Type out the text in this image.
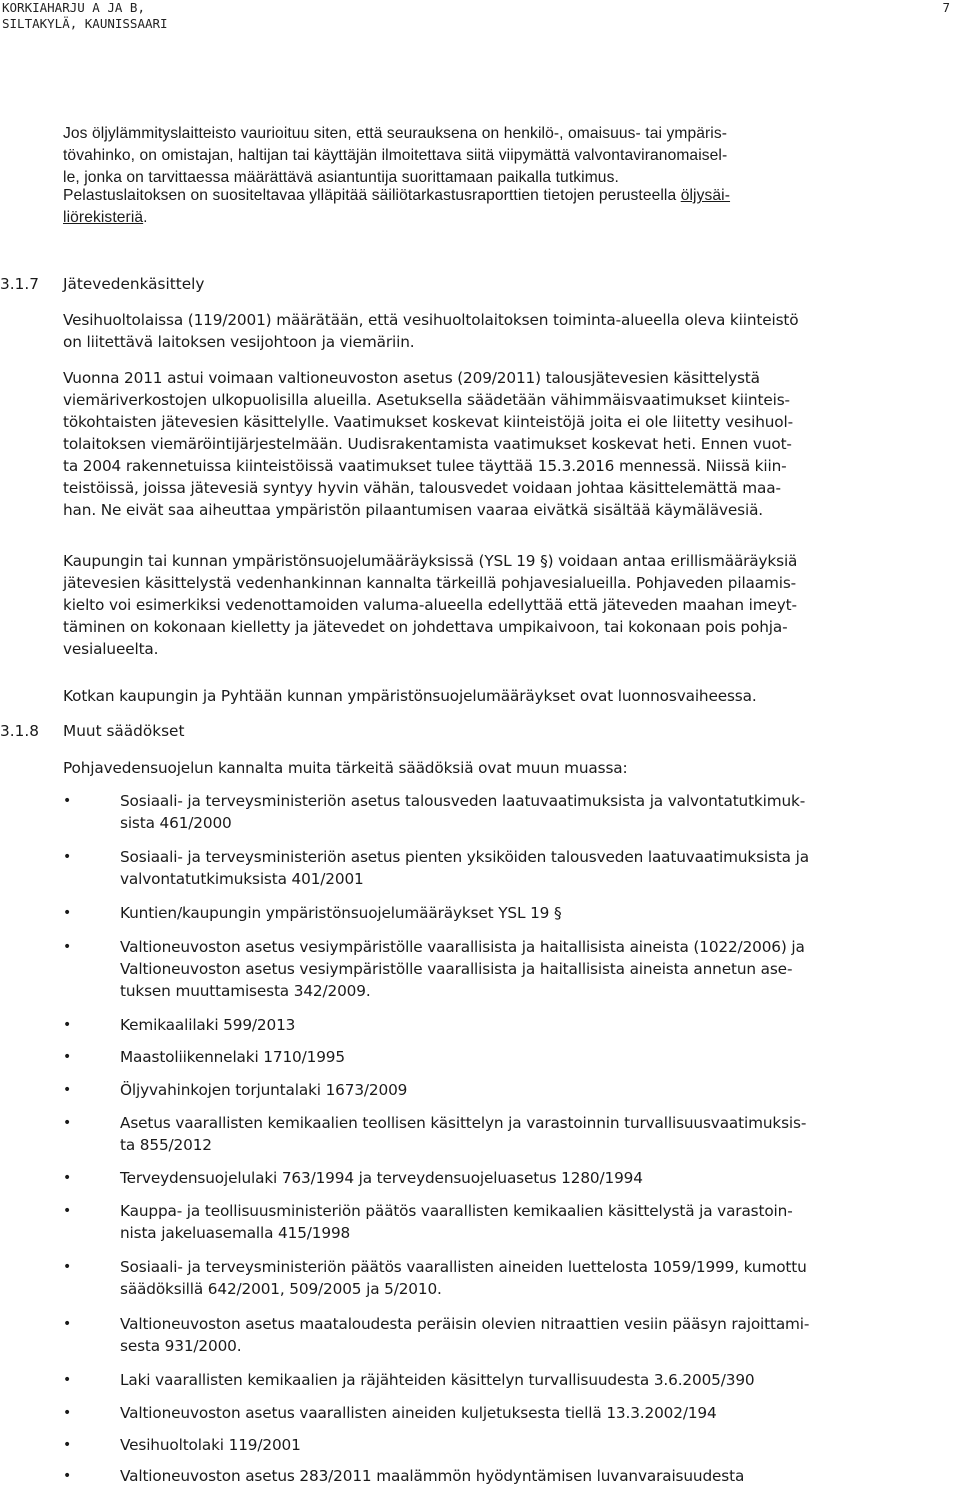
KORKIAHARJU A JA B,
SILTAKYLÄ, KAUNISSAARI
7
Jos öljylämmityslaitteisto vaurioituu siten, että seurauksena on henkilö-, omaisuus- tai ympäris-
tövahinko, on omistajan, haltijan tai käyttäjän ilmoitettava siitä viipymättä valvontaviranomaisel-
le, jonka on tarvittaessa määrättävä asiantuntija suorittamaan paikalla tutkimus.
Pelastuslaitoksen on suositeltavaa ylläpitää säiliötarkastusraporttien tietojen perusteella öljysäi-
liörekisteriä.
3.1.7 Jätevedenkäsittely
Vesihuoltolaissa (119/2001) määrätään, että vesihuoltolaitoksen toiminta-alueella oleva kiinteistö
on liitettävä laitoksen vesijohtoon ja viemäriin.
Vuonna 2011 astui voimaan valtioneuvoston asetus (209/2011) talousjätevesien käsittelystä
viemäriverkostojen ulkopuolisilla alueilla. Asetuksella säädetään vähimmäisvaatimukset kiinteis-
tökohtaisten jätevesien käsittelylle. Vaatimukset koskevat kiinteistöjä joita ei ole liitetty vesihuol-
tolaitoksen viemäröintijärjestelmään. Uudisrakentamista vaatimukset koskevat heti. Ennen vuot-
ta 2004 rakennetuissa kiinteistöissä vaatimukset tulee täyttää 15.3.2016 mennessä. Niissä kiin-
teistöissä, joissa jätevesiä syntyy hyvin vähän, talousvedet voidaan johtaa käsittelemättä maa-
han. Ne eivät saa aiheuttaa ympäristön pilaantumisen vaaraa eivätkä sisältää käymälävesiä.
Kaupungin tai kunnan ympäristönsuojelumääräyksissä (YSL 19 §) voidaan antaa erillismääräyksiä
jätevesien käsittelystä vedenhankinnan kannalta tärkeillä pohjavesialueilla. Pohjaveden pilaamis-
kielto voi esimerkiksi vedenottamoiden valuma-alueella edellyttää että jäteveden maahan imeyt-
täminen on kokonaan kielletty ja jätevedet on johdettava umpikaivoon, tai kokonaan pois pohja-
vesialueelta.
Kotkan kaupungin ja Pyhtään kunnan ympäristönsuojelumääräykset ovat luonnosvaiheessa.
3.1.8 Muut säädökset
Pohjavedensuojelun kannalta muita tärkeitä säädöksiä ovat muun muassa:
•	Sosiaali- ja terveysministeriön asetus talousveden laatuvaatimuksista ja valvontatutkimuk-
sista 461/2000
•	Sosiaali- ja terveysministeriön asetus pienten yksiköiden talousveden laatuvaatimuksista ja
valvontatutkimuksista 401/2001
•	Kuntien/kaupungin ympäristönsuojelumääräykset YSL 19 §
•	Valtioneuvoston asetus vesiympäristölle vaarallisista ja haitallisista aineista (1022/2006) ja
Valtioneuvoston asetus vesiympäristölle vaarallisista ja haitallisista aineista annetun ase-
tuksen muuttamisesta 342/2009.
•	Kemikaalilaki 599/2013
•	Maastoliikennelaki 1710/1995
•	Öljyvahinkojen torjuntalaki 1673/2009
•	Asetus vaarallisten kemikaalien teollisen käsittelyn ja varastoinnin turvallisuusvaatimuksis-
ta 855/2012
•	Terveydensuojelulaki 763/1994 ja terveydensuojeluasetus 1280/1994
•	Kauppa- ja teollisuusministeriön päätös vaarallisten kemikaalien käsittelystä ja varastoin-
nista jakeluasemalla 415/1998
•	Sosiaali- ja terveysministeriön päätös vaarallisten aineiden luettelosta 1059/1999, kumottu
säädöksillä 642/2001, 509/2005 ja 5/2010.
•	Valtioneuvoston asetus maataloudesta peräisin olevien nitraattien vesiin pääsyn rajoittami-
sesta 931/2000.
•	Laki vaarallisten kemikaalien ja räjähteiden käsittelyn turvallisuudesta 3.6.2005/390
•	Valtioneuvoston asetus vaarallisten aineiden kuljetuksesta tiellä 13.3.2002/194
•	Vesihuoltolaki 119/2001
•	Valtioneuvoston asetus 283/2011 maalämmön hyödyntämisen luvanvaraisuudesta
